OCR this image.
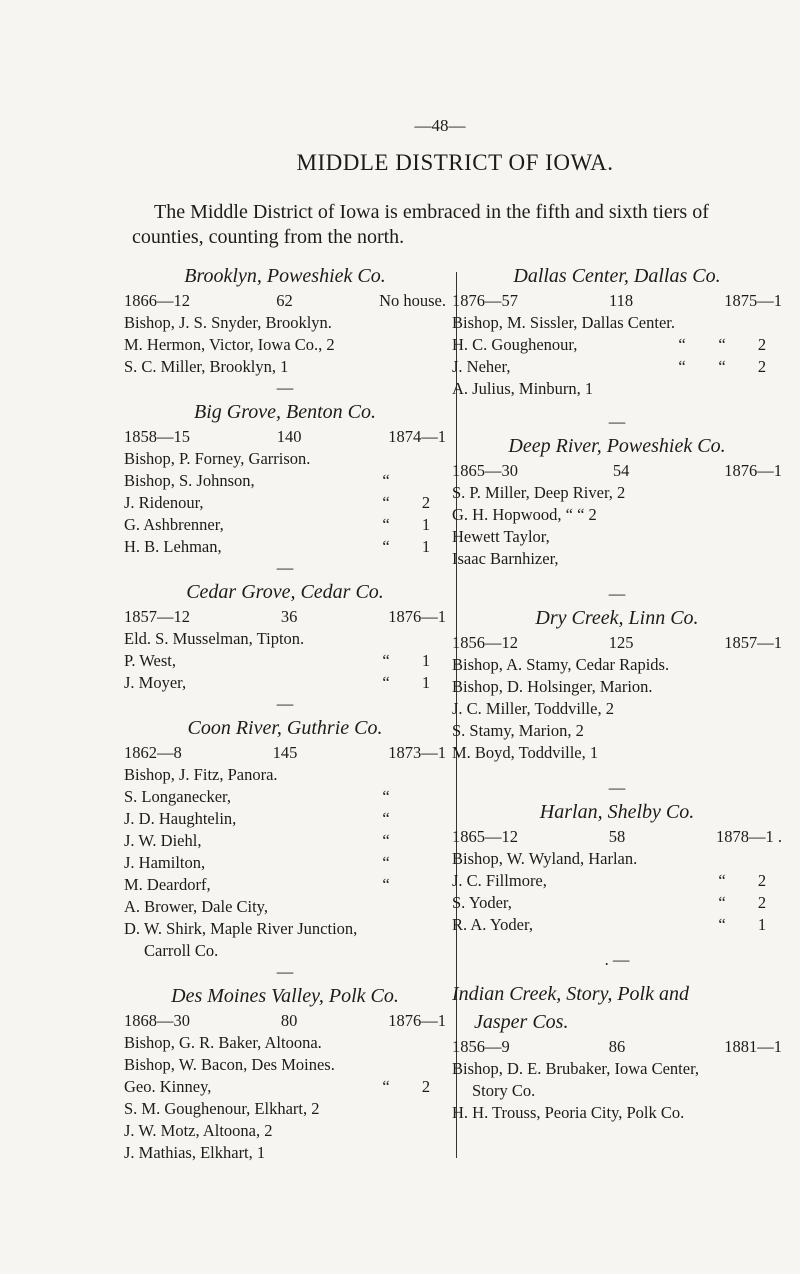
—48—
MIDDLE DISTRICT OF IOWA.
The Middle District of Iowa is embraced in the fifth and sixth tiers of counties, counting from the north.
Brooklyn, Poweshiek Co.
1866—12	62	No house.
Bishop, J. S. Snyder, Brooklyn.
M. Hermon, Victor, Iowa Co., 2
S. C. Miller, Brooklyn, 1
—
Big Grove, Benton Co.
1858—15	140	1874—1
Bishop, P. Forney, Garrison.
Bishop, S. Johnson,	“
J. Ridenour,	“	2
G. Ashbrenner,	“	1
H. B. Lehman,	“	1
—
Cedar Grove, Cedar Co.
1857—12	36	1876—1
Eld. S. Musselman, Tipton.
P. West,	“	1
J. Moyer,	“	1
—
Coon River, Guthrie Co.
1862—8	145	1873—1
Bishop, J. Fitz, Panora.
S. Longanecker,	“
J. D. Haughtelin,	“
J. W. Diehl,	“
J. Hamilton,	“
M. Deardorf,	“
A. Brower, Dale City,
D. W. Shirk, Maple River Junction,
Carroll Co.
—
Des Moines Valley, Polk Co.
1868—30	80	1876—1
Bishop, G. R. Baker, Altoona.
Bishop, W. Bacon, Des Moines.
Geo. Kinney,	“	2
S. M. Goughenour, Elkhart, 2
J. W. Motz, Altoona, 2
J. Mathias, Elkhart, 1
Dallas Center, Dallas Co.
1876—57	118	1875—1
Bishop, M. Sissler, Dallas Center.
H. C. Goughenour,	“	“	2
J. Neher,	“	“	2
A. Julius, Minburn, 1
—
Deep River, Poweshiek Co.
1865—30	54	1876—1
S. P. Miller, Deep River, 2
G. H. Hopwood, “ “ 2
Hewett Taylor,
Isaac Barnhizer,
—
Dry Creek, Linn Co.
1856—12	125	1857—1
Bishop, A. Stamy, Cedar Rapids.
Bishop, D. Holsinger, Marion.
J. C. Miller, Toddville, 2
S. Stamy, Marion, 2
M. Boyd, Toddville, 1
—
Harlan, Shelby Co.
1865—12	58	1878—1 .
Bishop, W. Wyland, Harlan.
J. C. Fillmore,	“	2
S. Yoder,	“	2
R. A. Yoder,	“	1
. —
Indian Creek, Story, Polk and
Jasper Cos.
1856—9	86	1881—1
Bishop, D. E. Brubaker, Iowa Center,
Story Co.
H. H. Trouss, Peoria City, Polk Co.
